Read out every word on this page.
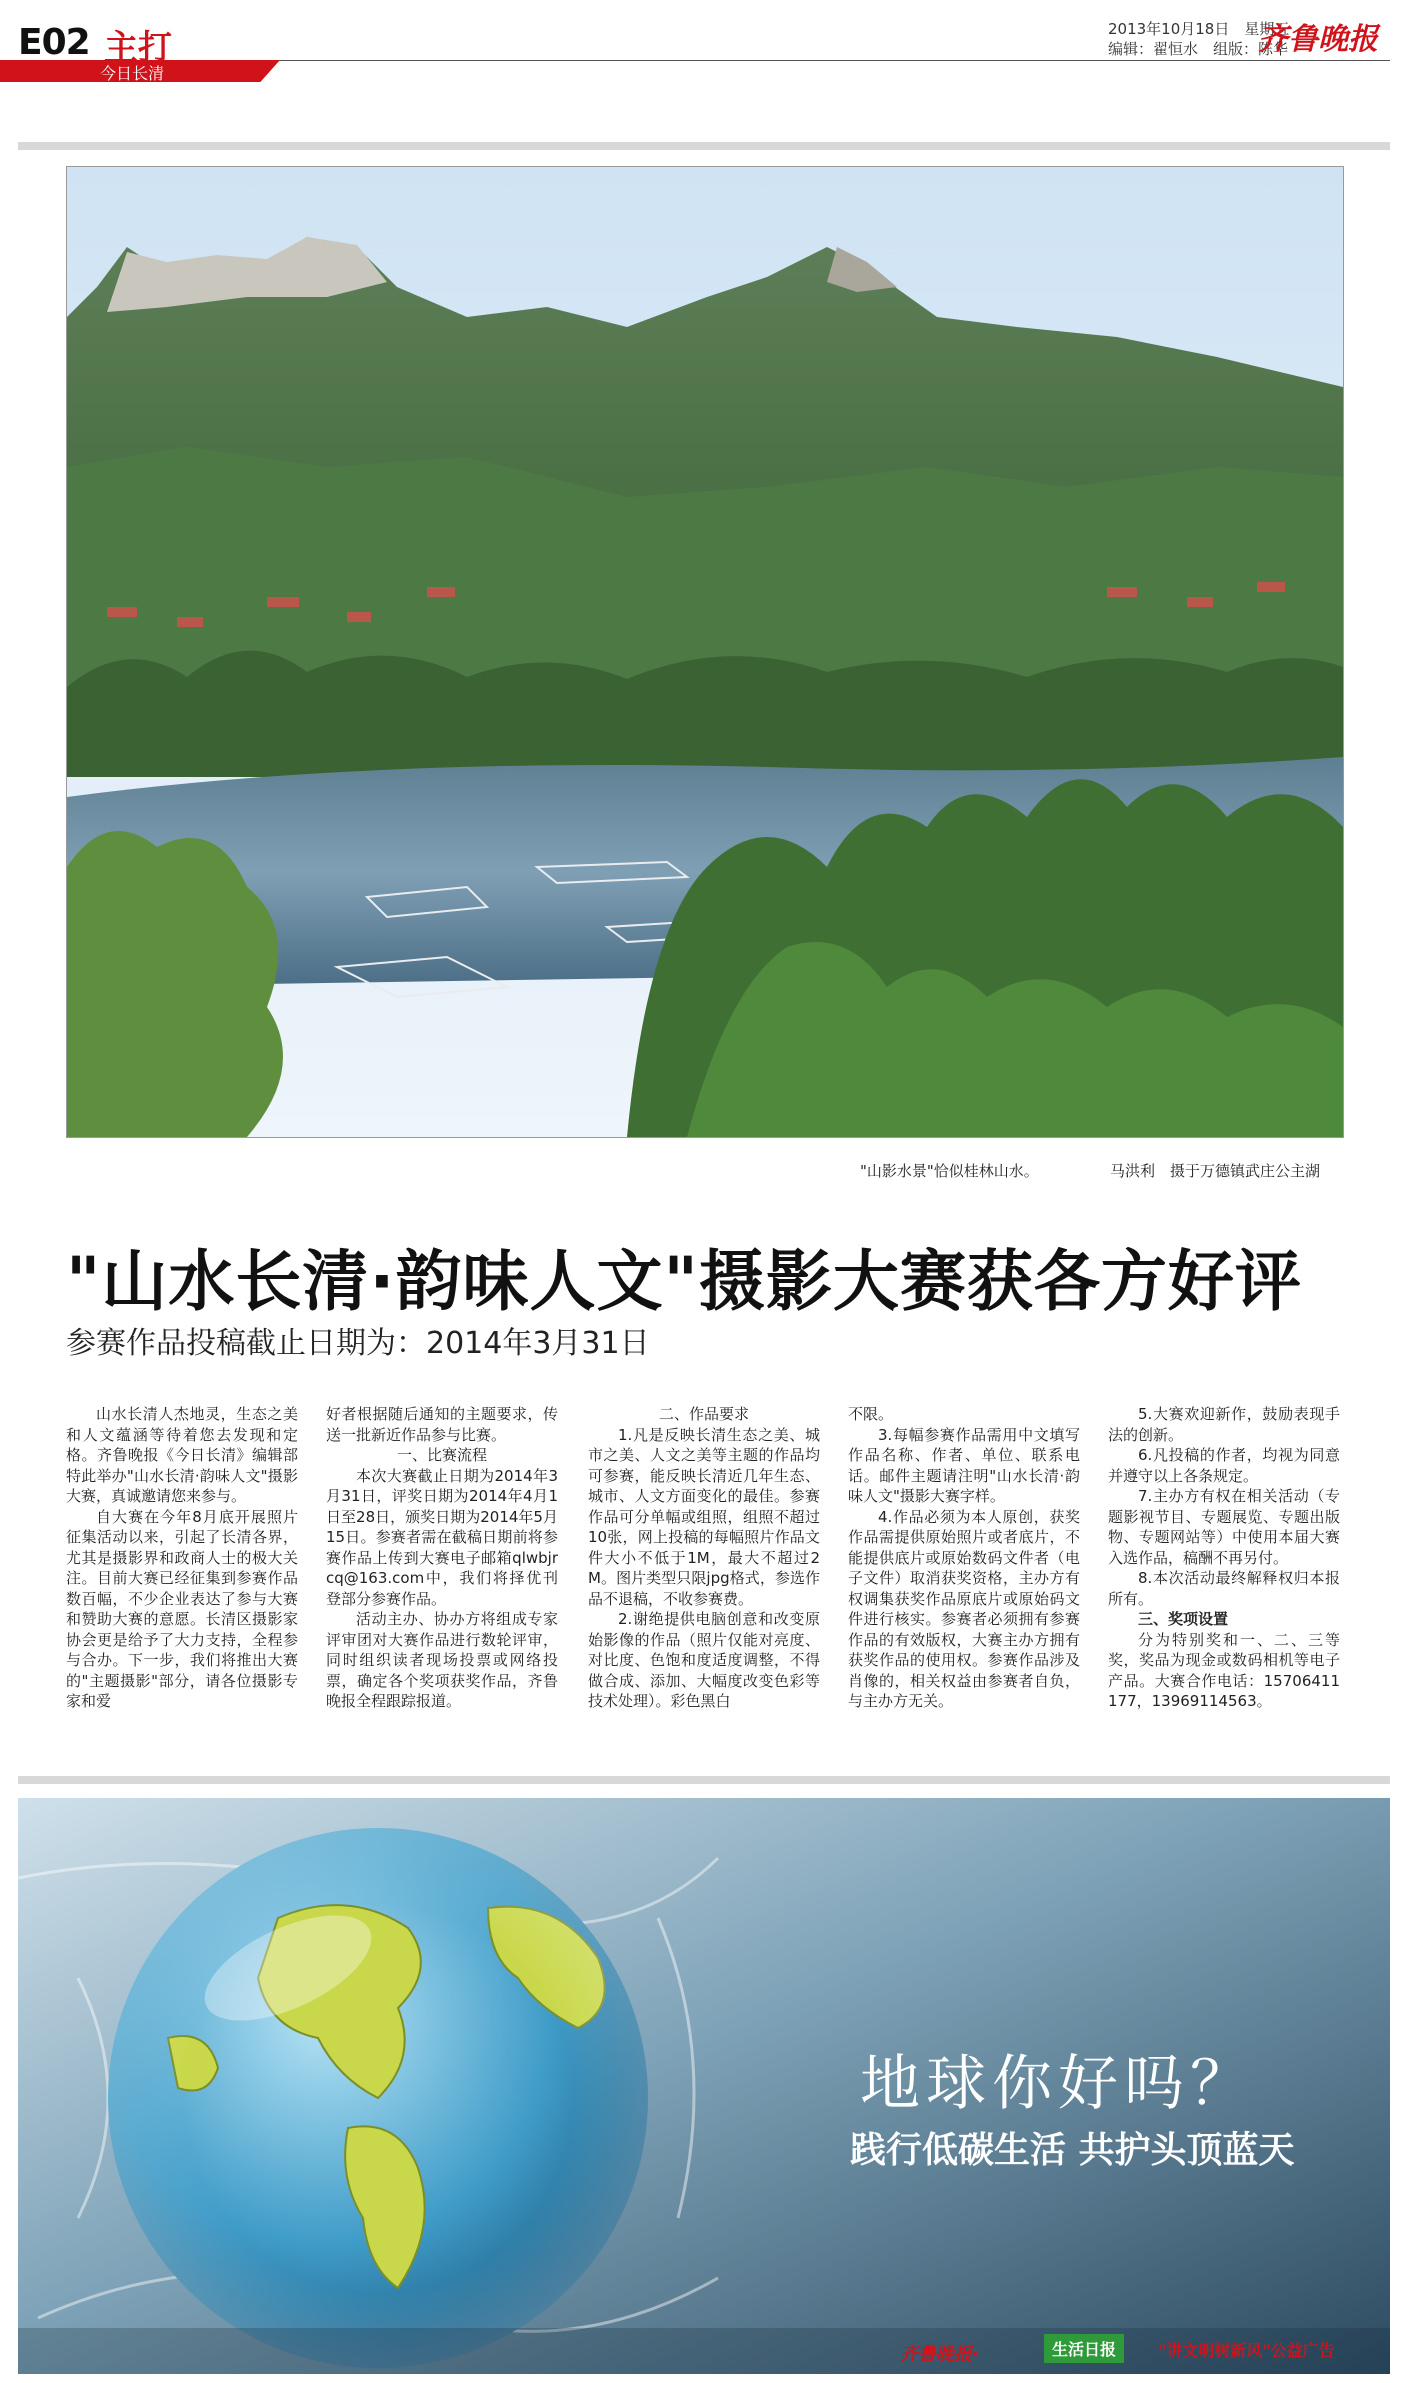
E02 主打
今日长清
2013年10月18日　星期五
编辑：翟恒水　组版：陈华
齐鲁晚报
"山影水景"恰似桂林山水。	马洪利　摄于万德镇武庄公主湖
"山水长清·韵味人文"摄影大赛获各方好评
参赛作品投稿截止日期为：2014年3月31日

山水长清人杰地灵，生态之美和人文蕴涵等待着您去发现和定格。齐鲁晚报《今日长清》编辑部特此举办"山水长清·韵味人文"摄影大赛，真诚邀请您来参与。

自大赛在今年8月底开展照片征集活动以来，引起了长清各界，尤其是摄影界和政商人士的极大关注。目前大赛已经征集到参赛作品数百幅，不少企业表达了参与大赛和赞助大赛的意愿。长清区摄影家协会更是给予了大力支持，全程参与合办。下一步，我们将推出大赛的"主题摄影"部分，请各位摄影专家和爱

好者根据随后通知的主题要求，传送一批新近作品参与比赛。

一、比赛流程

本次大赛截止日期为2014年3月31日，评奖日期为2014年4月1日至28日，颁奖日期为2014年5月15日。参赛者需在截稿日期前将参赛作品上传到大赛电子邮箱qlwbjrcq@163.com中，我们将择优刊登部分参赛作品。

活动主办、协办方将组成专家评审团对大赛作品进行数轮评审，同时组织读者现场投票或网络投票，确定各个奖项获奖作品，齐鲁晚报全程跟踪报道。

二、作品要求

1.凡是反映长清生态之美、城市之美、人文之美等主题的作品均可参赛，能反映长清近几年生态、城市、人文方面变化的最佳。参赛作品可分单幅或组照，组照不超过10张，网上投稿的每幅照片作品文件大小不低于1M，最大不超过2M。图片类型只限jpg格式，参选作品不退稿，不收参赛费。

2.谢绝提供电脑创意和改变原始影像的作品（照片仅能对亮度、对比度、色饱和度适度调整，不得做合成、添加、大幅度改变色彩等技术处理）。彩色黑白

不限。

3.每幅参赛作品需用中文填写作品名称、作者、单位、联系电话。邮件主题请注明"山水长清·韵味人文"摄影大赛字样。

4.作品必须为本人原创，获奖作品需提供原始照片或者底片，不能提供底片或原始数码文件者（电子文件）取消获奖资格，主办方有权调集获奖作品原底片或原始码文件进行核实。参赛者必须拥有参赛作品的有效版权，大赛主办方拥有获奖作品的使用权。参赛作品涉及肖像的，相关权益由参赛者自负，与主办方无关。

5.大赛欢迎新作，鼓励表现手法的创新。

6.凡投稿的作者，均视为同意并遵守以上各条规定。

7.主办方有权在相关活动（专题影视节目、专题展览、专题出版物、专题网站等）中使用本届大赛入选作品，稿酬不再另付。

8.本次活动最终解释权归本报所有。

三、奖项设置

分为特别奖和一、二、三等奖，奖品为现金或数码相机等电子产品。大赛合作电话：15706411177，13969114563。

地球你好吗？
践行低碳生活 共护头顶蓝天
齐鲁晚报·	生活日报	"讲文明树新风"公益广告
